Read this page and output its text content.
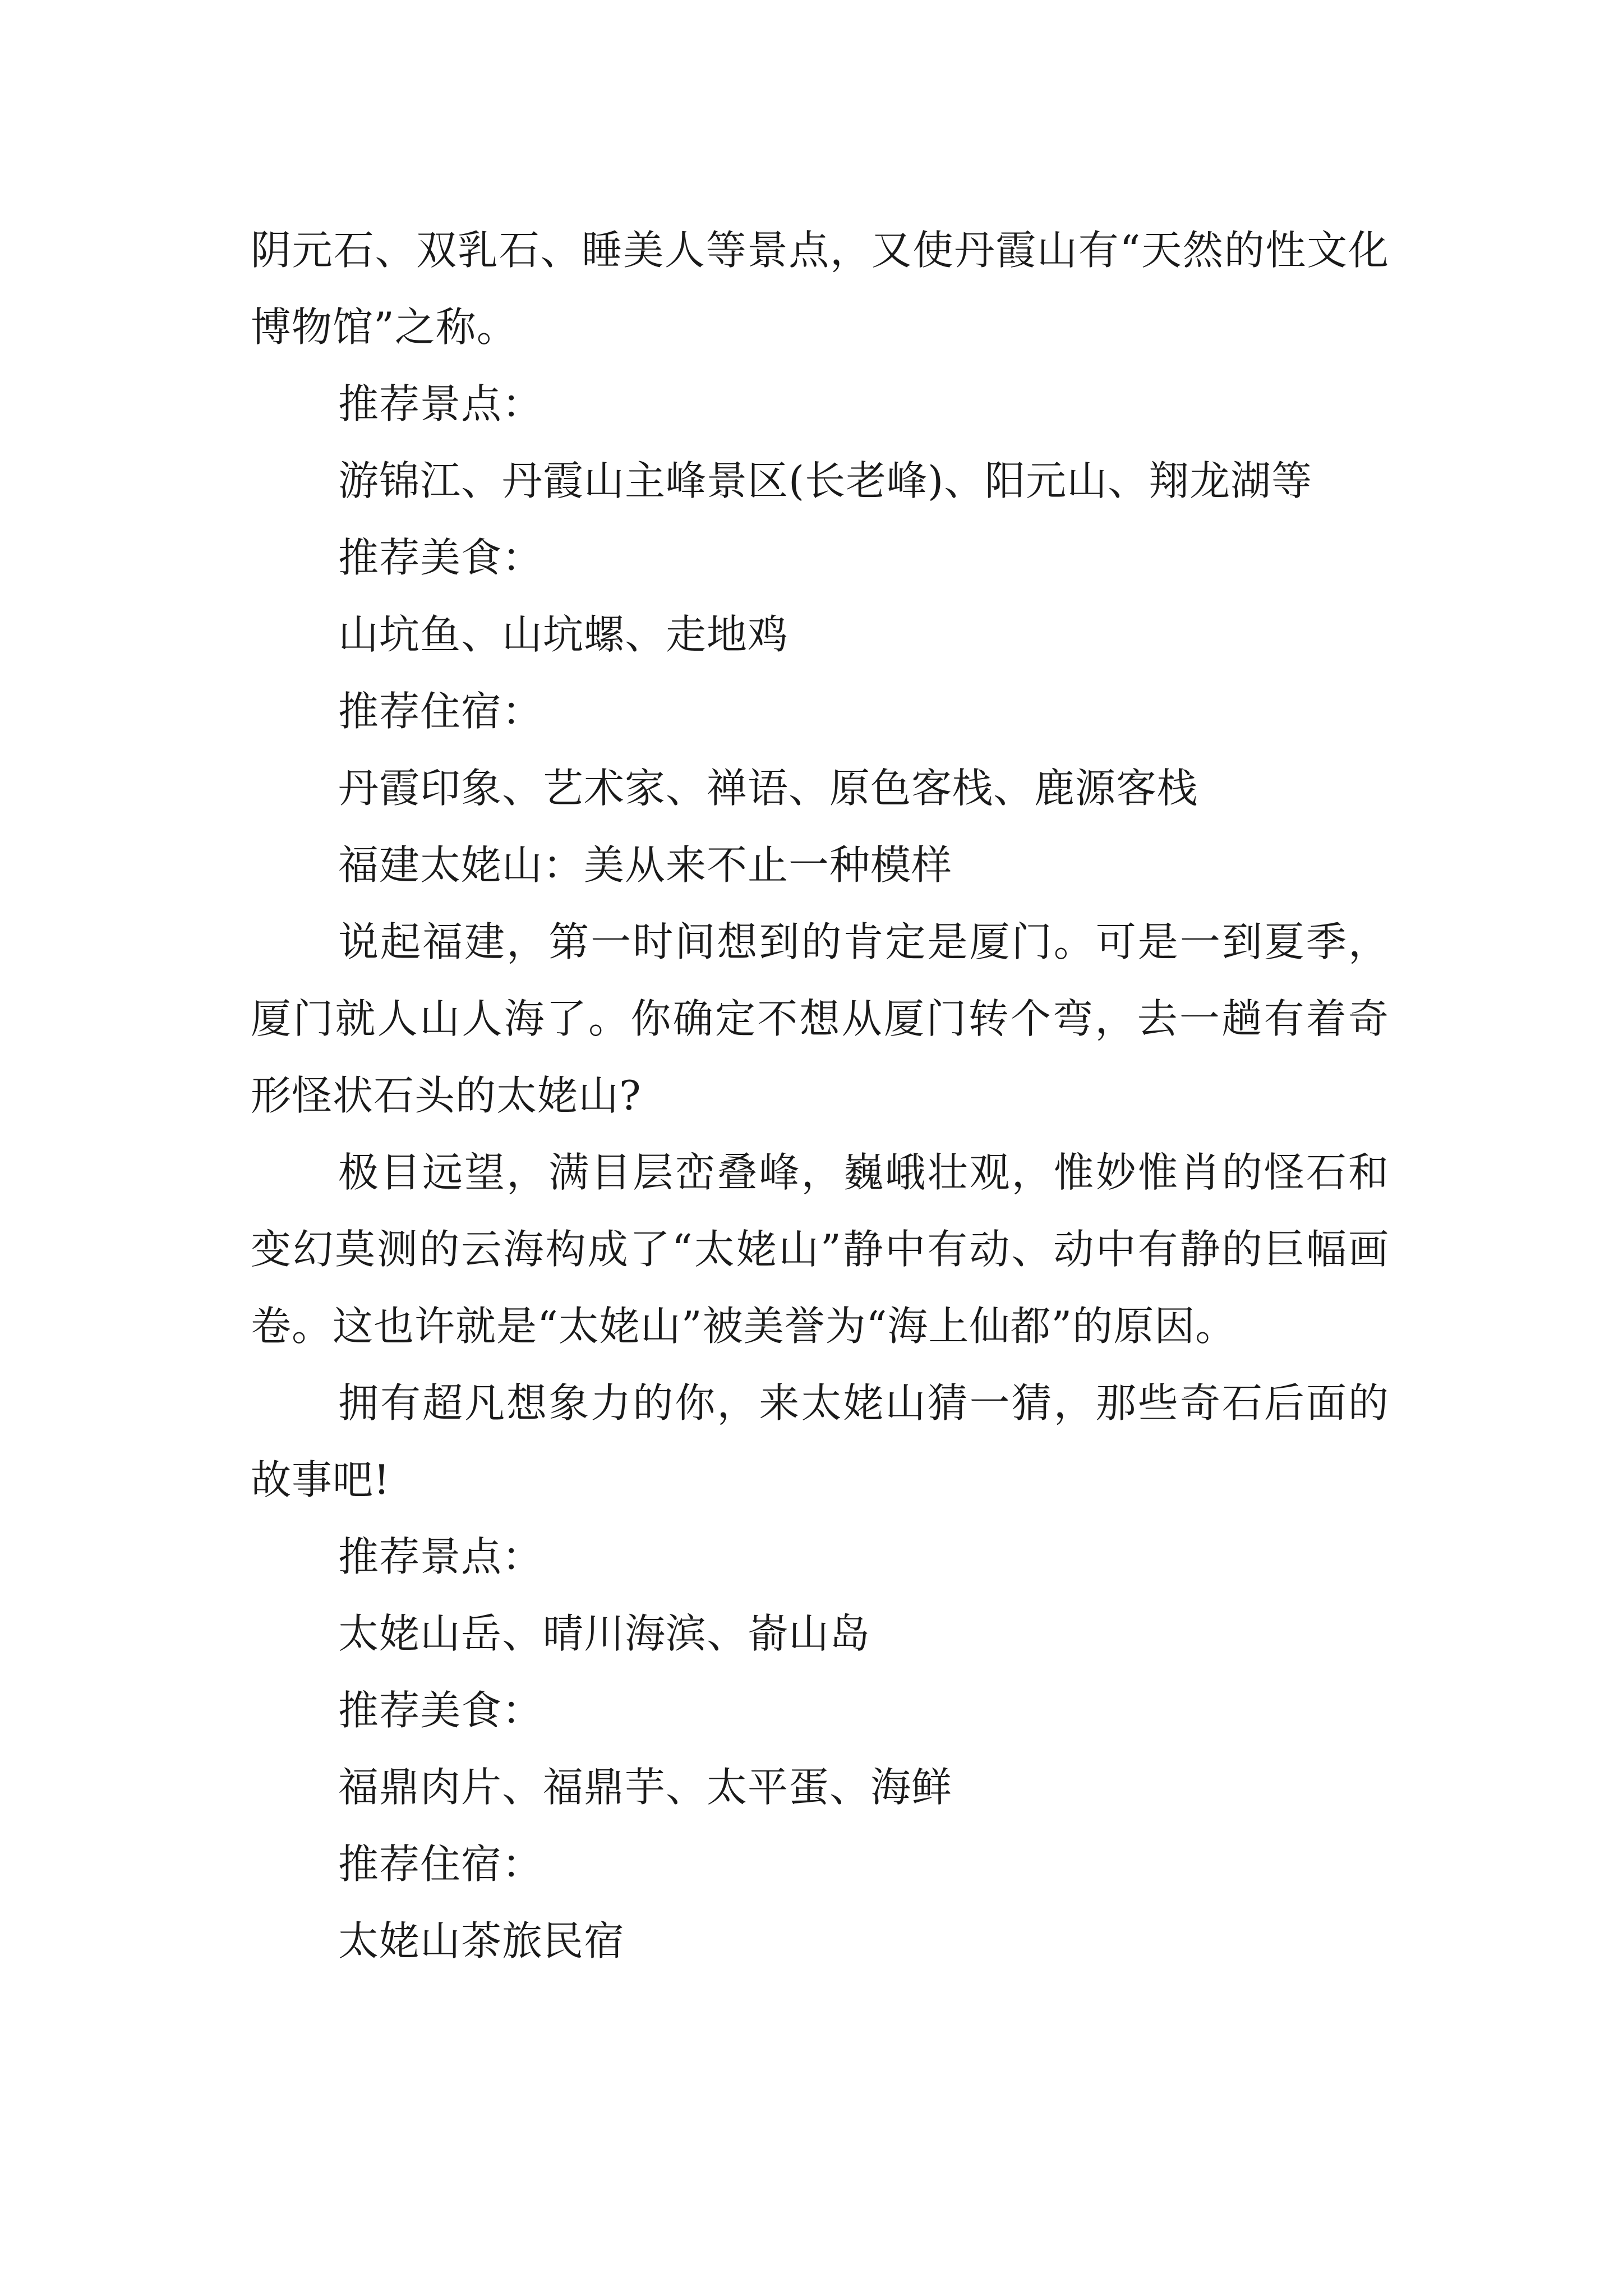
阴元石、双乳石、睡美人等景点，又使丹霞山有“天然的性文化博物馆”之称。

推荐景点：

游锦江、丹霞山主峰景区(长老峰)、阳元山、翔龙湖等

推荐美食：

山坑鱼、山坑螺、走地鸡

推荐住宿：

丹霞印象、艺术家、禅语、原色客栈、鹿源客栈

福建太姥山：美从来不止一种模样

说起福建，第一时间想到的肯定是厦门。可是一到夏季，厦门就人山人海了。你确定不想从厦门转个弯，去一趟有着奇形怪状石头的太姥山?

极目远望，满目层峦叠峰，巍峨壮观，惟妙惟肖的怪石和变幻莫测的云海构成了“太姥山”静中有动、动中有静的巨幅画卷。这也许就是“太姥山”被美誉为“海上仙都”的原因。

拥有超凡想象力的你，来太姥山猜一猜，那些奇石后面的故事吧!

推荐景点：

太姥山岳、晴川海滨、嵛山岛

推荐美食：

福鼎肉片、福鼎芋、太平蛋、海鲜

推荐住宿：

太姥山茶旅民宿
